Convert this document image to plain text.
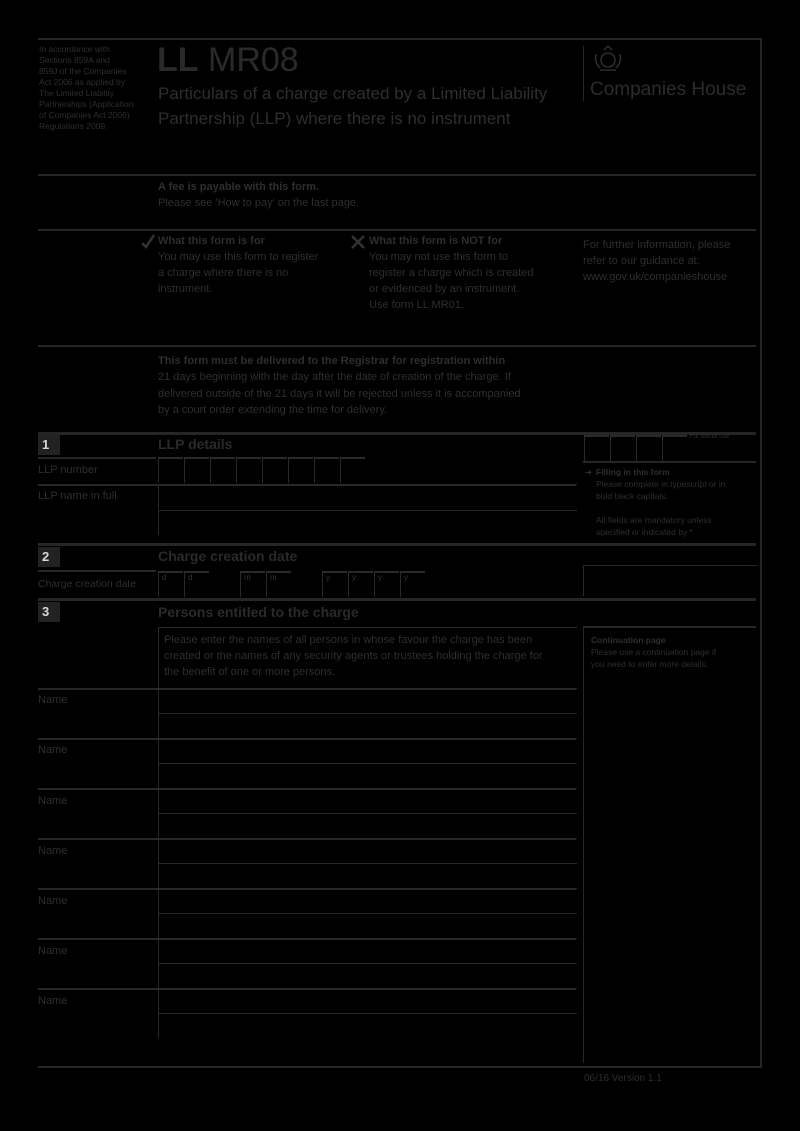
In accordance with
Sections 859A and
859J of the Companies
Act 2006 as applied by
The Limited Liability
Partnerships (Application
of Companies Act 2006)
Regulations 2009.
LL MR08
Particulars of a charge created by a Limited Liability
Partnership (LLP) where there is no instrument
Companies House
A fee is payable with this form.
Please see 'How to pay' on the last page.
What this form is for
You may use this form to register
a charge where there is no
instrument.
What this form is NOT for
You may not use this form to
register a charge which is created
or evidenced by an instrument.
Use form LL MR01.
For further information, please
refer to our guidance at:
www.gov.uk/companieshouse
This form must be delivered to the Registrar for registration within
21 days beginning with the day after the date of creation of the charge. If
delivered outside of the 21 days it will be rejected unless it is accompanied
by a court order extending the time for delivery.
1	LLP details
LLP number
LLP name in full
For official use
➜ Filling in this form
Please complete in typescript or in
bold black capitals.
All fields are mandatory unless
specified or indicated by *
2	Charge creation date
Charge creation date
d	d	m m	y	y	y	y
3	Persons entitled to the charge
Please enter the names of all persons in whose favour the charge has been
created or the names of any security agents or trustees holding the charge for
the benefit of one or more persons.
Continuation page
Please use a continuation page if
you need to enter more details.
Name
Name
Name
Name
Name
Name
Name
06/16 Version 1.1
